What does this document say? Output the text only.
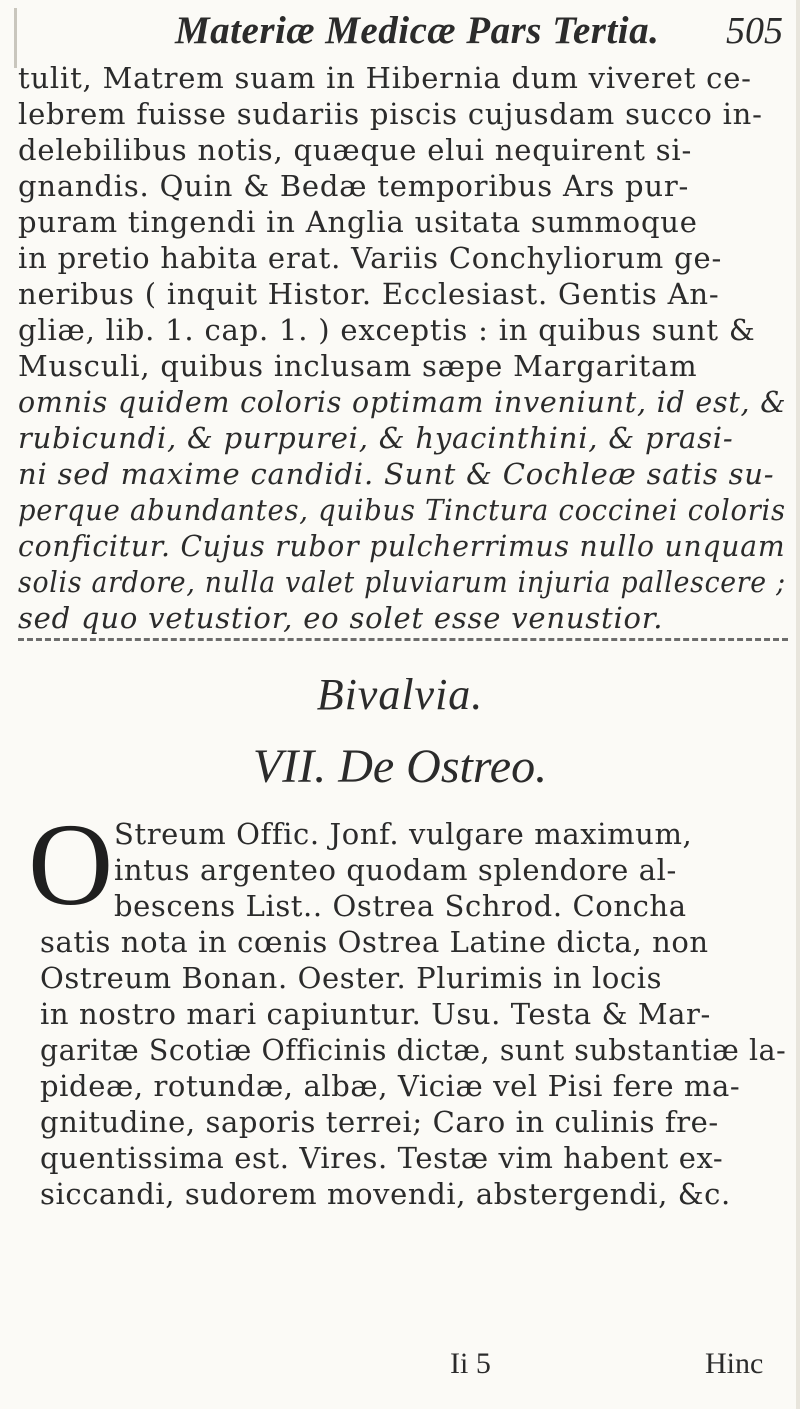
Materiæ Medicæ Pars Tertia. 505
tulit, Matrem suam in Hibernia dum viveret ce-
lebrem fuisse sudariis piscis cujusdam succo in-
delebilibus notis, quæque elui nequirent si-
gnandis. Quin & Bedæ temporibus Ars pur-
puram tingendi in Anglia usitata summoque
in pretio habita erat. Variis Conchyliorum ge-
neribus ( inquit Histor. Ecclesiast. Gentis An-
gliæ, lib. 1. cap. 1. ) exceptis : in quibus sunt &
Musculi, quibus inclusam sæpe Margaritam
omnis quidem coloris optimam inveniunt, id est, &
rubicundi, & purpurei, & hyacinthini, & prasi-
ni sed maxime candidi. Sunt & Cochleæ satis su-
perque abundantes, quibus Tinctura coccinei coloris
conficitur. Cujus rubor pulcherrimus nullo unquam
solis ardore, nulla valet pluviarum injuria pallescere ;
sed quo vetustior, eo solet esse venustior.
Bivalvia.
VII. De Ostreo.
O Streum Offic. Jonf. vulgare maximum,
intus argenteo quodam splendore al-
bescens List.. Ostrea Schrod. Concha
satis nota in cœnis Ostrea Latine dicta, non
Ostreum Bonan. Oester. Plurimis in locis
in nostro mari capiuntur. Usu. Testa & Mar-
garitæ Scotiæ Officinis dictæ, sunt substantiæ la-
pideæ, rotundæ, albæ, Viciæ vel Pisi fere ma-
gnitudine, saporis terrei; Caro in culinis fre-
quentissima est. Vires. Testæ vim habent ex-
siccandi, sudorem movendi, abstergendi, &c.
Ii 5	Hinc
